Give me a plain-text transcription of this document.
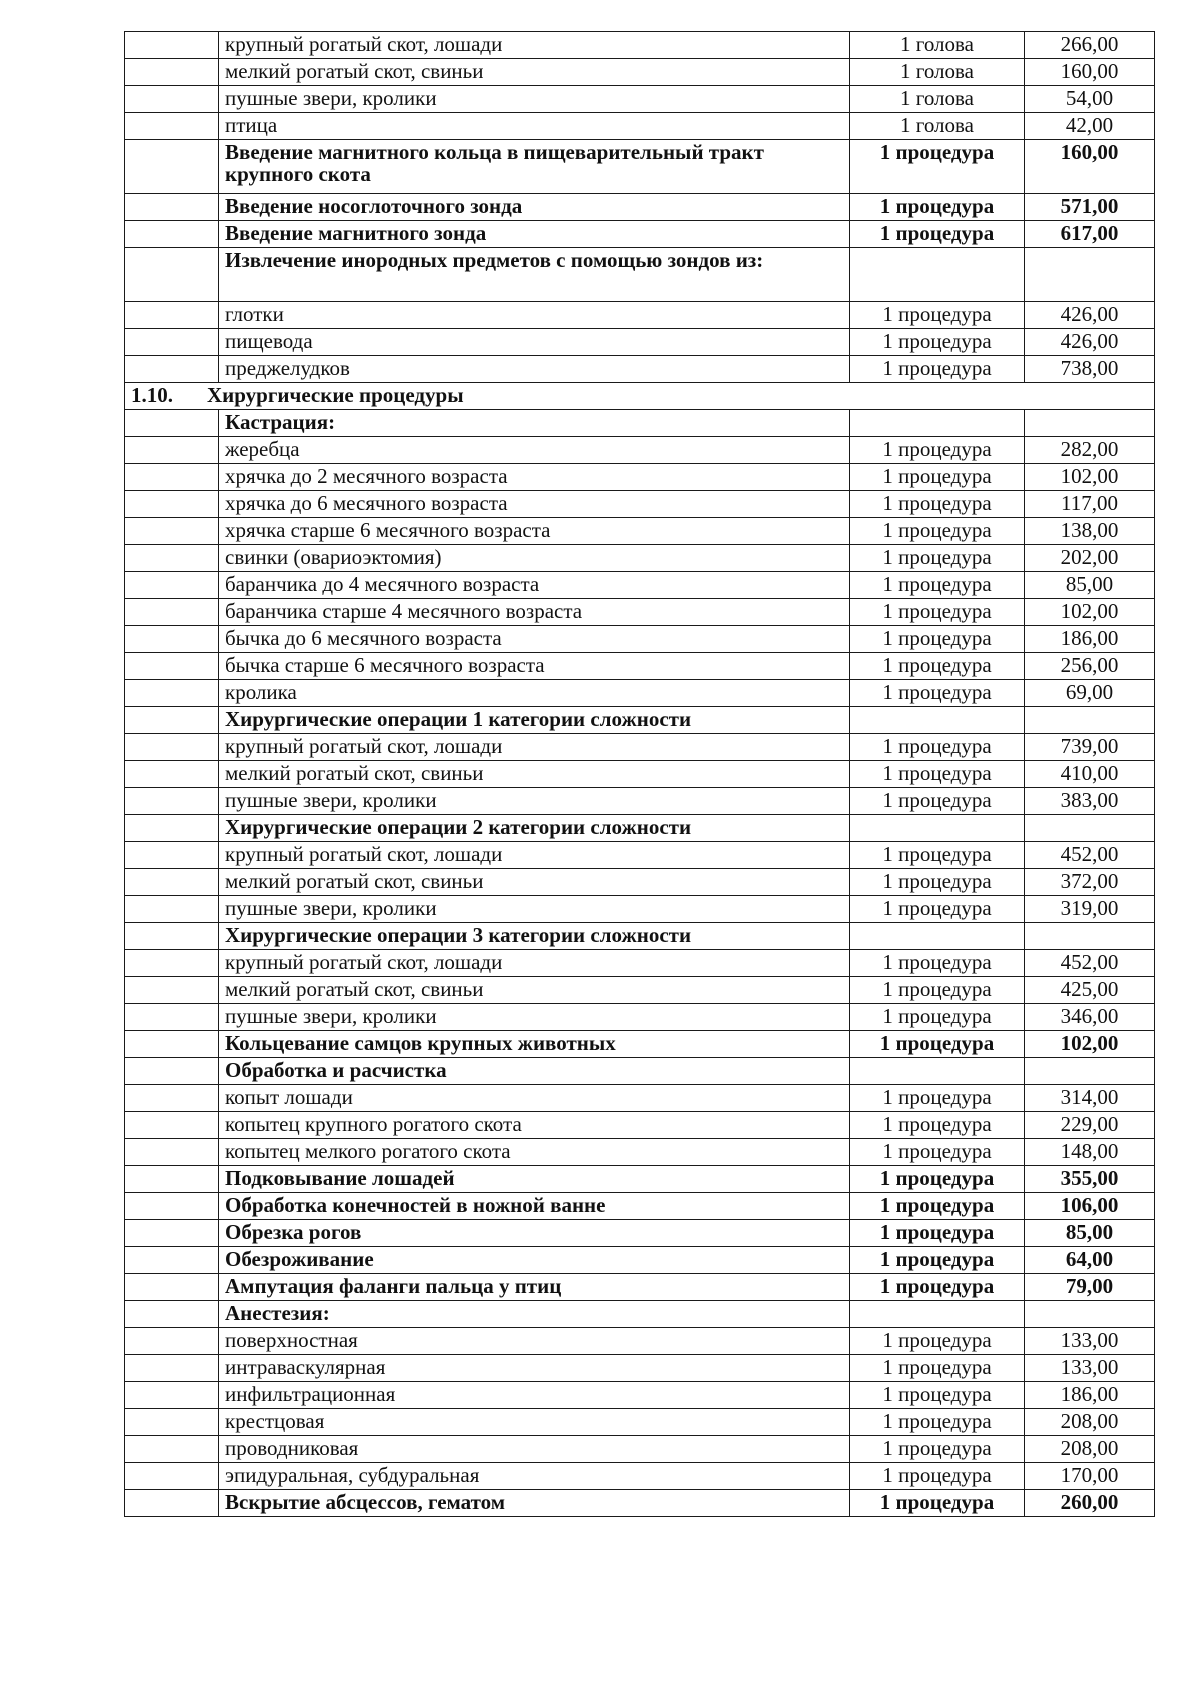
	крупный рогатый скот, лошади	1 голова	266,00
	мелкий рогатый скот, свиньи	1 голова	160,00
	пушные звери, кролики	1 голова	54,00
	птица	1 голова	42,00
	Введение магнитного кольца в пищеварительный тракт крупного скота	1 процедура	160,00
	Введение носоглоточного зонда	1 процедура	571,00
	Введение магнитного зонда	1 процедура	617,00
	Извлечение инородных предметов с помощью зондов из:		
	глотки	1 процедура	426,00
	пищевода	1 процедура	426,00
	преджелудков	1 процедура	738,00
1.10. Хирургические процедуры			
	Кастрация:		
	жеребца	1 процедура	282,00
	хрячка до 2 месячного возраста	1 процедура	102,00
	хрячка до 6 месячного возраста	1 процедура	117,00
	хрячка старше 6 месячного возраста	1 процедура	138,00
	свинки (овариоэктомия)	1 процедура	202,00
	баранчика до 4 месячного возраста	1 процедура	85,00
	баранчика старше 4 месячного возраста	1 процедура	102,00
	бычка до 6 месячного возраста	1 процедура	186,00
	бычка старше 6 месячного возраста	1 процедура	256,00
	кролика	1 процедура	69,00
	Хирургические операции 1 категории сложности		
	крупный рогатый скот, лошади	1 процедура	739,00
	мелкий рогатый скот, свиньи	1 процедура	410,00
	пушные звери, кролики	1 процедура	383,00
	Хирургические операции 2 категории сложности		
	крупный рогатый скот, лошади	1 процедура	452,00
	мелкий рогатый скот, свиньи	1 процедура	372,00
	пушные звери, кролики	1 процедура	319,00
	Хирургические операции 3 категории сложности		
	крупный рогатый скот, лошади	1 процедура	452,00
	мелкий рогатый скот, свиньи	1 процедура	425,00
	пушные звери, кролики	1 процедура	346,00
	Кольцевание самцов крупных животных	1 процедура	102,00
	Обработка и расчистка		
	копыт лошади	1 процедура	314,00
	копытец крупного рогатого скота	1 процедура	229,00
	копытец мелкого рогатого скота	1 процедура	148,00
	Подковывание лошадей	1 процедура	355,00
	Обработка конечностей в ножной ванне	1 процедура	106,00
	Обрезка рогов	1 процедура	85,00
	Обезроживание	1 процедура	64,00
	Ампутация фаланги пальца у птиц	1 процедура	79,00
	Анестезия:		
	поверхностная	1 процедура	133,00
	интраваскулярная	1 процедура	133,00
	инфильтрационная	1 процедура	186,00
	крестцовая	1 процедура	208,00
	проводниковая	1 процедура	208,00
	эпидуральная, субдуральная	1 процедура	170,00
	Вскрытие абсцессов, гематом	1 процедура	260,00
